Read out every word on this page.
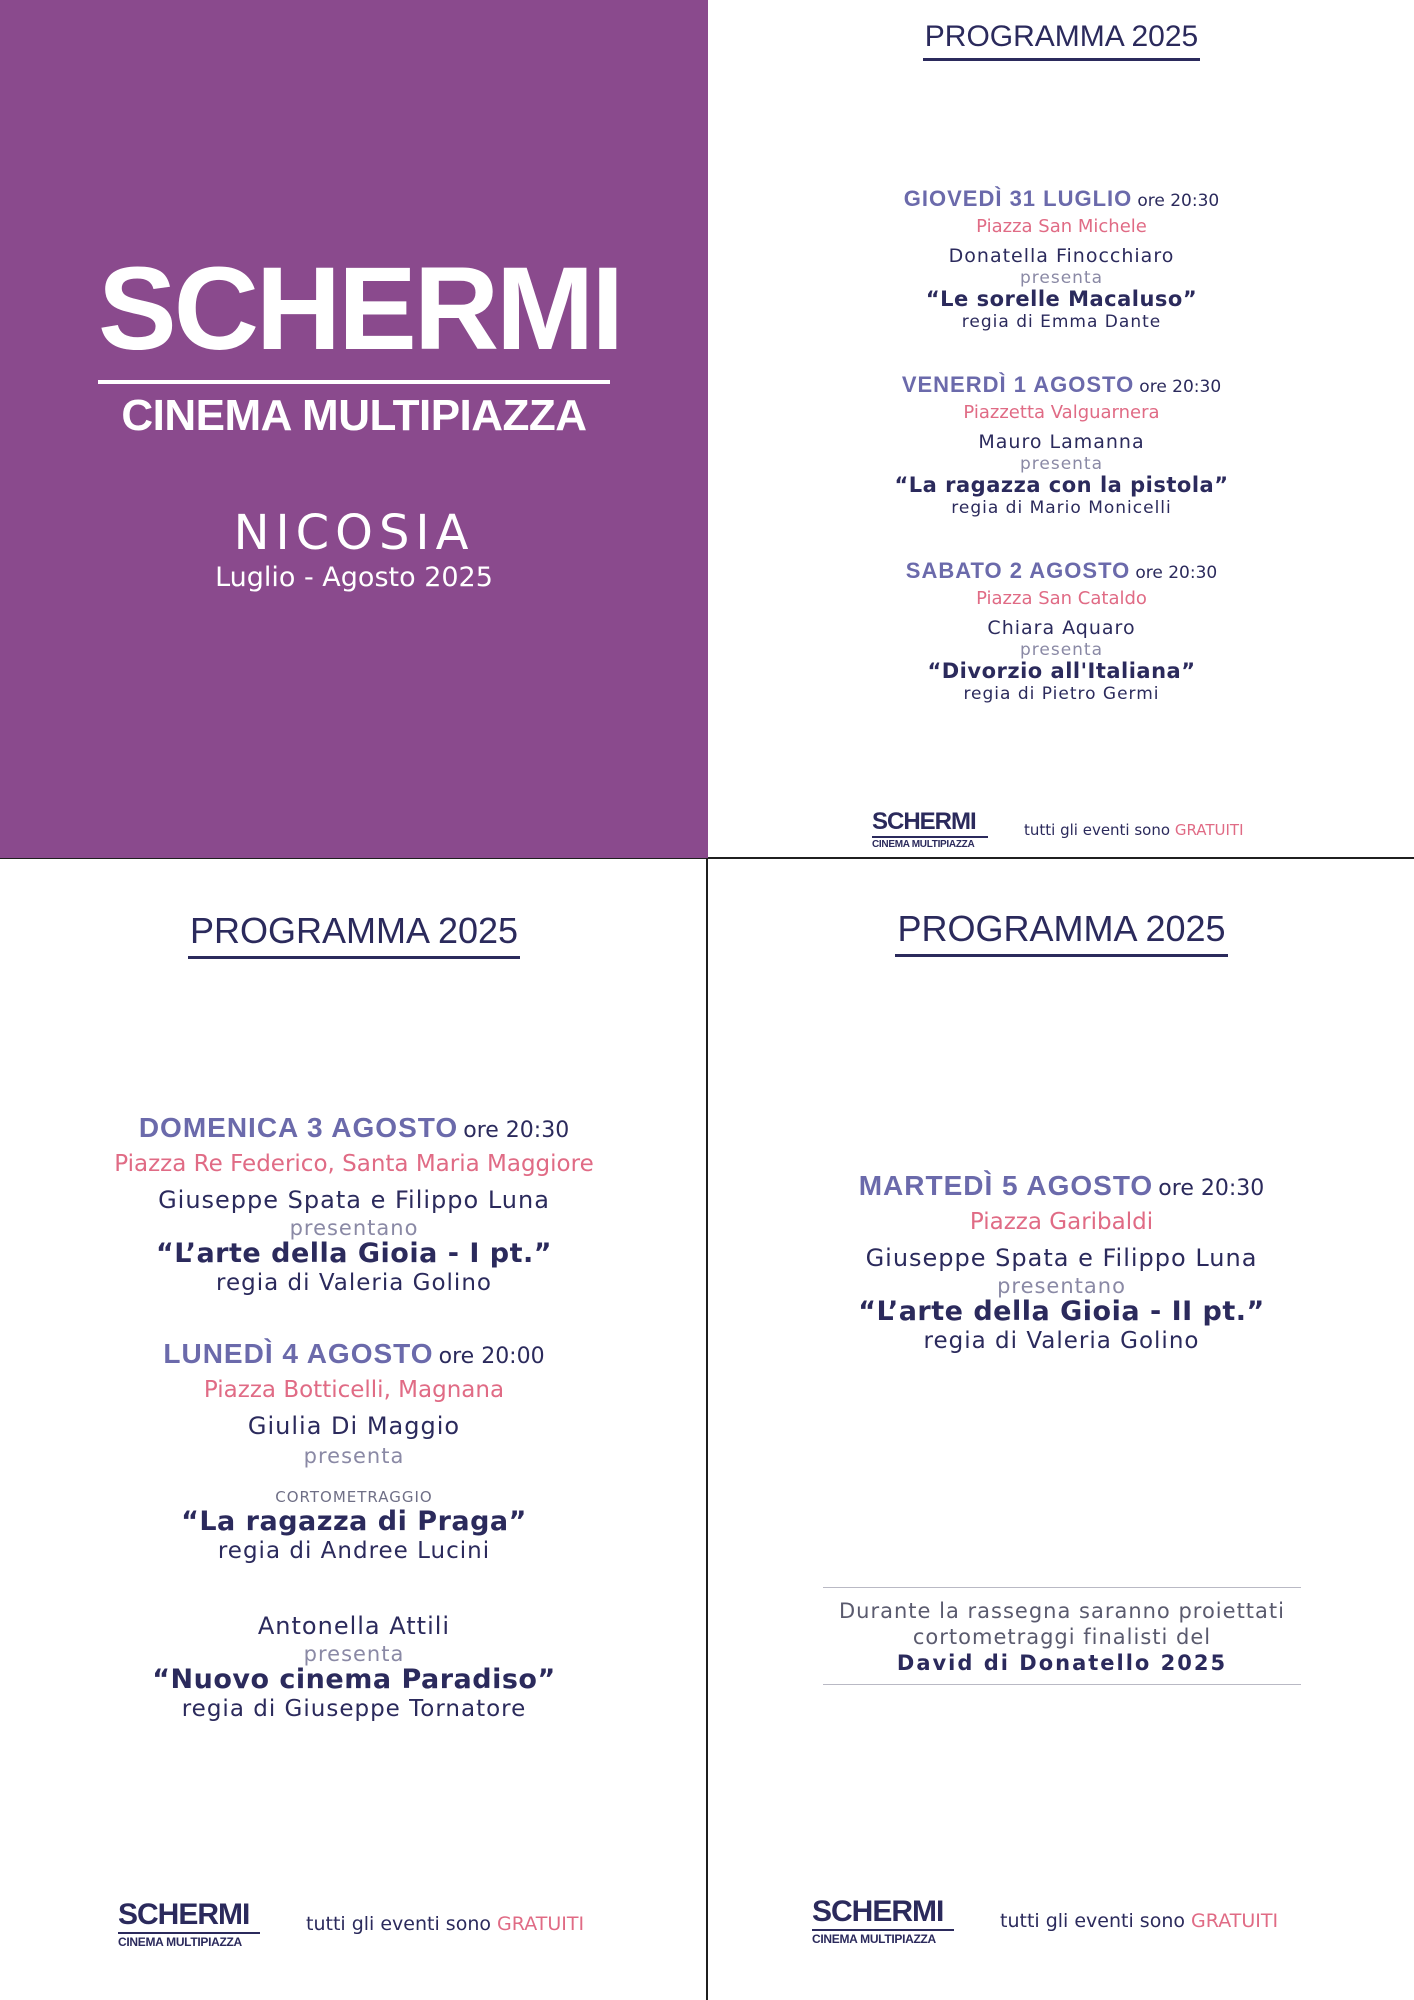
SCHERMI
CINEMA MULTIPIAZZA
NICOSIA
Luglio - Agosto 2025
PROGRAMMA 2025
GIOVEDÌ 31 LUGLIO ore 20:30
Piazza San Michele
Donatella Finocchiaro
presenta
“Le sorelle Macaluso”
regia di Emma Dante
VENERDÌ 1 AGOSTO ore 20:30
Piazzetta Valguarnera
Mauro Lamanna
presenta
“La ragazza con la pistola”
regia di Mario Monicelli
SABATO 2 AGOSTO ore 20:30
Piazza San Cataldo
Chiara Aquaro
presenta
“Divorzio all'Italiana”
regia di Pietro Germi
SCHERMI
CINEMA MULTIPIAZZA
tutti gli eventi sono GRATUITI
PROGRAMMA 2025
DOMENICA 3 AGOSTO ore 20:30
Piazza Re Federico, Santa Maria Maggiore
Giuseppe Spata e Filippo Luna
presentano
“L’arte della Gioia - I pt.”
regia di Valeria Golino
LUNEDÌ 4 AGOSTO ore 20:00
Piazza Botticelli, Magnana
Giulia Di Maggio
presenta
CORTOMETRAGGIO
“La ragazza di Praga”
regia di Andree Lucini
Antonella Attili
presenta
“Nuovo cinema Paradiso”
regia di Giuseppe Tornatore
SCHERMI
CINEMA MULTIPIAZZA
tutti gli eventi sono GRATUITI
PROGRAMMA 2025
MARTEDÌ 5 AGOSTO ore 20:30
Piazza Garibaldi
Giuseppe Spata e Filippo Luna
presentano
“L’arte della Gioia - II pt.”
regia di Valeria Golino
Durante la rassegna saranno proiettati
cortometraggi finalisti del
David di Donatello 2025
SCHERMI
CINEMA MULTIPIAZZA
tutti gli eventi sono GRATUITI
